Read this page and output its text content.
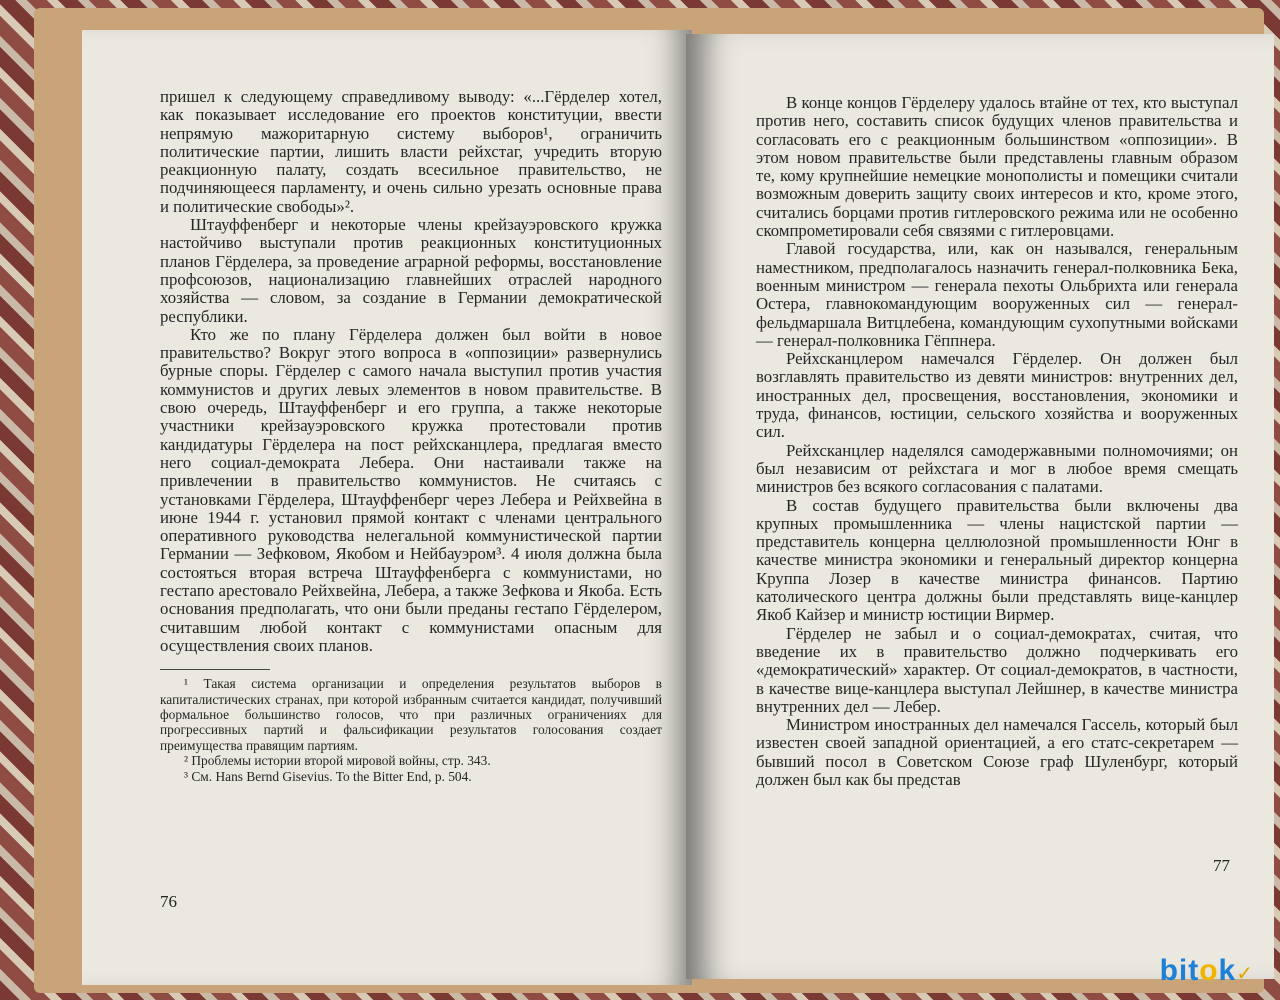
пришел к следующему справедливому выводу: «...Гёрделер хотел, как показывает исследование его проектов конституции, ввести непрямую мажоритарную систему выборов¹, ограничить политические партии, лишить власти рейхстаг, учредить вторую реакционную палату, создать всесильное правительство, не подчиняющееся парламенту, и очень сильно урезать основные права и политические свободы»².

Штауффенберг и некоторые члены крейзауэровского кружка настойчиво выступали против реакционных конституционных планов Гёрделера, за проведение аграрной реформы, восстановление профсоюзов, национализацию главнейших отраслей народного хозяйства — словом, за создание в Германии демократической республики.

Кто же по плану Гёрделера должен был войти в новое правительство? Вокруг этого вопроса в «оппозиции» развернулись бурные споры. Гёрделер с самого начала выступил против участия коммунистов и других левых элементов в новом правительстве. В свою очередь, Штауффенберг и его группа, а также некоторые участники крейзауэровского кружка протестовали против кандидатуры Гёрделера на пост рейхсканцлера, предлагая вместо него социал-демократа Лебера. Они настаивали также на привлечении в правительство коммунистов. Не считаясь с установками Гёрделера, Штауффенберг через Лебера и Рейхвейна в июне 1944 г. установил прямой контакт с членами центрального оперативного руководства нелегальной коммунистической партии Германии — Зефковом, Якобом и Нейбауэром³. 4 июля должна была состояться вторая встреча Штауффенберга с коммунистами, но гестапо арестовало Рейхвейна, Лебера, а также Зефкова и Якоба. Есть основания предполагать, что они были преданы гестапо Гёрделером, считавшим любой контакт с коммунистами опасным для осуществления своих планов.

¹ Такая система организации и определения результатов выборов в капиталистических странах, при которой избранным считается кандидат, получивший формальное большинство голосов, что при различных ограничениях для прогрессивных партий и фальсификации результатов голосования создает преимущества правящим партиям.

² Проблемы истории второй мировой войны, стр. 343.

³ См. Hans Bernd Gisevius. To the Bitter End, p. 504.

76

В конце концов Гёрделеру удалось втайне от тех, кто выступал против него, составить список будущих членов правительства и согласовать его с реакционным большинством «оппозиции». В этом новом правительстве были представлены главным образом те, кому крупнейшие немецкие монополисты и помещики считали возможным доверить защиту своих интересов и кто, кроме этого, считались борцами против гитлеровского режима или не особенно скомпрометировали себя связями с гитлеровцами.

Главой государства, или, как он назывался, генеральным наместником, предполагалось назначить генерал-полковника Бека, военным министром — генерала пехоты Ольбрихта или генерала Остера, главнокомандующим вооруженных сил — генерал-фельдмаршала Витцлебена, командующим сухопутными войсками — генерал-полковника Гёппнера.

Рейхсканцлером намечался Гёрделер. Он должен был возглавлять правительство из девяти министров: внутренних дел, иностранных дел, просвещения, восстановления, экономики и труда, финансов, юстиции, сельского хозяйства и вооруженных сил.

Рейхсканцлер наделялся самодержавными полномочиями; он был независим от рейхстага и мог в любое время смещать министров без всякого согласования с палатами.

В состав будущего правительства были включены два крупных промышленника — члены нацистской партии — представитель концерна целлюлозной промышленности Юнг в качестве министра экономики и генеральный директор концерна Круппа Лозер в качестве министра финансов. Партию католического центра должны были представлять вице-канцлер Якоб Кайзер и министр юстиции Вирмер.

Гёрделер не забыл и о социал-демократах, считая, что введение их в правительство должно подчеркивать его «демократический» характер. От социал-демократов, в частности, в качестве вице-канцлера выступал Лейшнер, в качестве министра внутренних дел — Лебер.

Министром иностранных дел намечался Гассель, который был известен своей западной ориентацией, а его статс-секретарем — бывший посол в Советском Союзе граф Шуленбург, который должен был как бы представ

77
bitok✓
